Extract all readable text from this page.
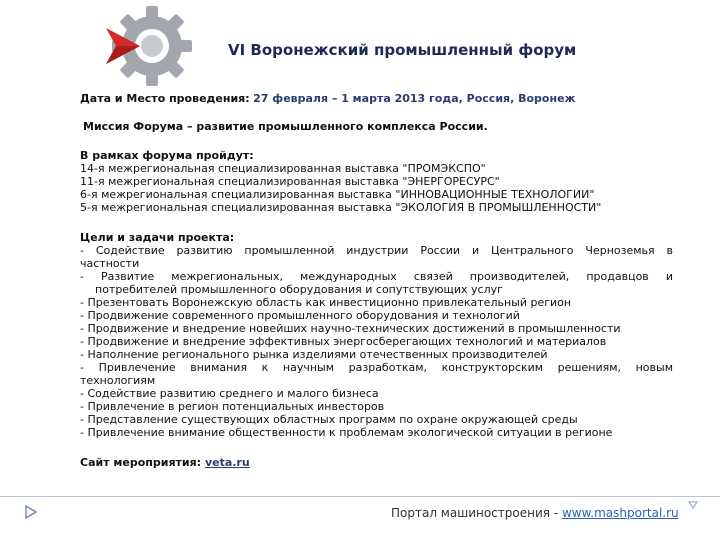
VI Воронежский промышленный форум
Дата и Место проведения: 27 февраля – 1 марта 2013 года, Россия, Воронеж
Миссия Форума – развитие промышленного комплекса России.
В рамках форума пройдут:
14-я межрегиональная специализированная выставка "ПРОМЭКСПО"
11-я межрегиональная специализированная выставка "ЭНЕРГОРЕСУРС"
6-я межрегиональная специализированная выставка "ИННОВАЦИОННЫЕ ТЕХНОЛОГИИ"
5-я межрегиональная специализированная выставка "ЭКОЛОГИЯ В ПРОМЫШЛЕННОСТИ"
Цели и задачи проекта:
- Содействие развитию промышленной индустрии России и Центрального Черноземья в
частности
- Развитие межрегиональных, международных связей производителей, продавцов и
потребителей промышленного оборудования и сопутствующих услуг
- Презентовать Воронежскую область как инвестиционно привлекательный регион
- Продвижение современного промышленного оборудования и технологий
- Продвижение и внедрение новейших научно-технических достижений в промышленности
- Продвижение и внедрение эффективных энергосберегающих технологий и материалов
- Наполнение регионального рынка изделиями отечественных производителей
- Привлечение внимания к научным разработкам, конструкторским решениям, новым
технологиям
- Содействие развитию среднего и малого бизнеса
- Привлечение в регион потенциальных инвесторов
- Представление существующих областных программ по охране окружающей среды
- Привлечение внимание общественности к проблемам экологической ситуации в регионе
Сайт мероприятия: veta.ru
Портал машиностроения - www.mashportal.ru
